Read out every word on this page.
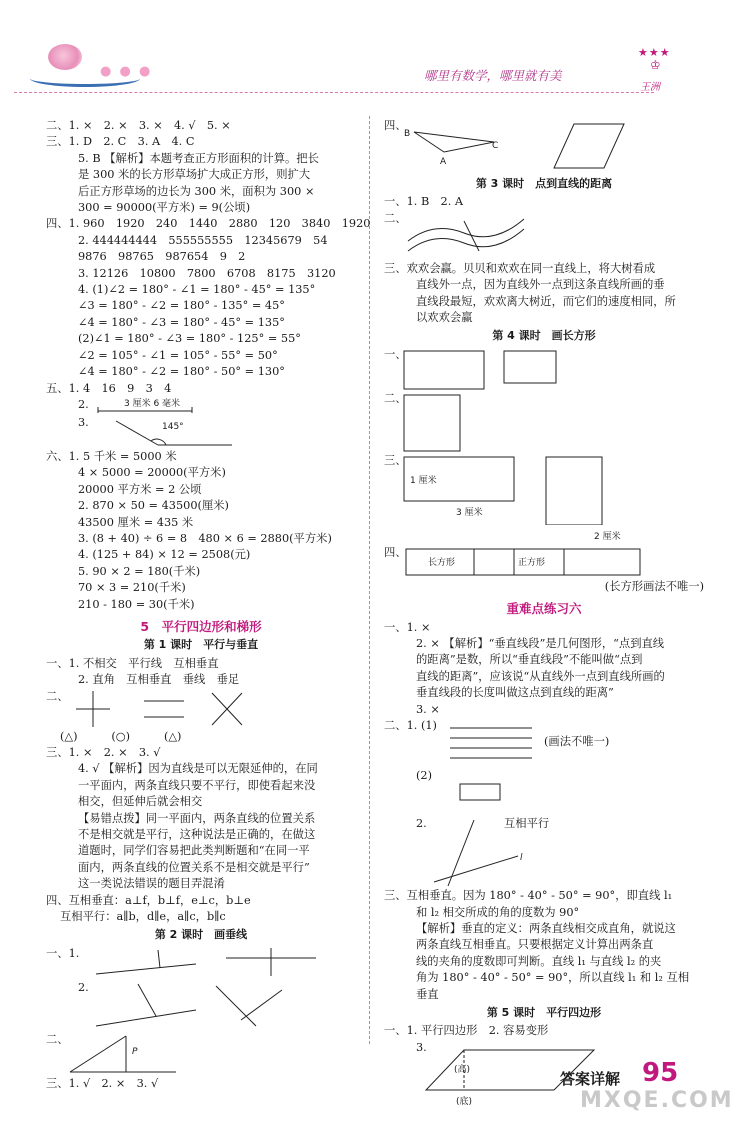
● ● ●	哪里有数学，哪里就有美
★★★
♔
王洲
二、1. ×　2. ×　3. ×　4. √　5. ×
三、1. D　2. C　3. A　4. C
5. B 【解析】本题考查正方形面积的计算。把长
是 300 米的长方形草场扩大成正方形，则扩大
后正方形草场的边长为 300 米，面积为 300 ×
300 = 90000(平方米) = 9(公顷)
四、1. 960　1920　240　1440　2880　120　3840　1920
2. 444444444　555555555　12345679　54
9876　98765　987654　9　2
3. 12126　10800　7800　6708　8175　3120
4. (1)∠2 = 180° - ∠1 = 180° - 45° = 135°
∠3 = 180° - ∠2 = 180° - 135° = 45°
∠4 = 180° - ∠3 = 180° - 45° = 135°
(2)∠1 = 180° - ∠3 = 180° - 125° = 55°
∠2 = 105° - ∠1 = 105° - 55° = 50°
∠4 = 180° - ∠2 = 180° - 50° = 130°
五、1. 4　16　9　3　4
2.	3 厘米 6 毫米
3.	145°
六、1. 5 千米 = 5000 米
4 × 5000 = 20000(平方米)
20000 平方米 = 2 公顷
2. 870 × 50 = 43500(厘米)
43500 厘米 = 435 米
3. (8 + 40) ÷ 6 = 8　480 × 6 = 2880(平方米)
4. (125 + 84) × 12 = 2508(元)
5. 90 × 2 = 180(千米)
70 × 3 = 210(千米)
210 - 180 = 30(千米)
5　平行四边形和梯形
第 1 课时　平行与垂直
一、1. 不相交　平行线　互相垂直
2. 直角　互相垂直　垂线　垂足
二、
(△)　　　(○)　　　(△)
三、1. ×　2. ×　3. √
4. √ 【解析】因为直线是可以无限延伸的，在同
一平面内，两条直线只要不平行，即使看起来没
相交，但延伸后就会相交
【易错点拨】同一平面内，两条直线的位置关系
不是相交就是平行，这种说法是正确的，在做这
道题时，同学们容易把此类判断题和“在同一平
面内，两条直线的位置关系不是相交就是平行”
这一类说法错误的题目弄混淆
四、互相垂直：a⊥f，b⊥f，e⊥c，b⊥e
互相平行：a∥b，d∥e，a∥c，b∥c
第 2 课时　画垂线
一、1.
2.
二、
P
三、1. √　2. ×　3. √
四、
B
A
C
第 3 课时　点到直线的距离
一、1. B　2. A
二、
三、欢欢会赢。贝贝和欢欢在同一直线上，将大树看成
直线外一点，因为直线外一点到这条直线所画的垂
直线段最短，欢欢离大树近，而它们的速度相同，所
以欢欢会赢
第 4 课时　画长方形
一、
二、
三、
1 厘米
3 厘米
2 厘米
四、
长方形	正方形
(长方形画法不唯一)
重难点练习六
一、1. ×
2. × 【解析】“垂直线段”是几何图形，“点到直线
的距离”是数，所以“垂直线段”不能叫做“点到
直线的距离”，应该说“从直线外一点到直线所画的
垂直线段的长度叫做这点到直线的距离”
3. ×
二、1. (1)
(画法不唯一)
(2)
2.	互相平行
l
三、互相垂直。因为 180° - 40° - 50° = 90°，即直线 l₁
和 l₂ 相交所成的角的度数为 90°
【解析】垂直的定义：两条直线相交成直角，就说这
两条直线互相垂直。只要根据定义计算出两条直
线的夹角的度数即可判断。直线 l₁ 与直线 l₂ 的夹
角为 180° - 40° - 50° = 90°，所以直线 l₁ 和 l₂ 互相
垂直
第 5 课时　平行四边形
一、1. 平行四边形　2. 容易变形
3.
(高)
(底)
答案详解 95
MXQE.COM
